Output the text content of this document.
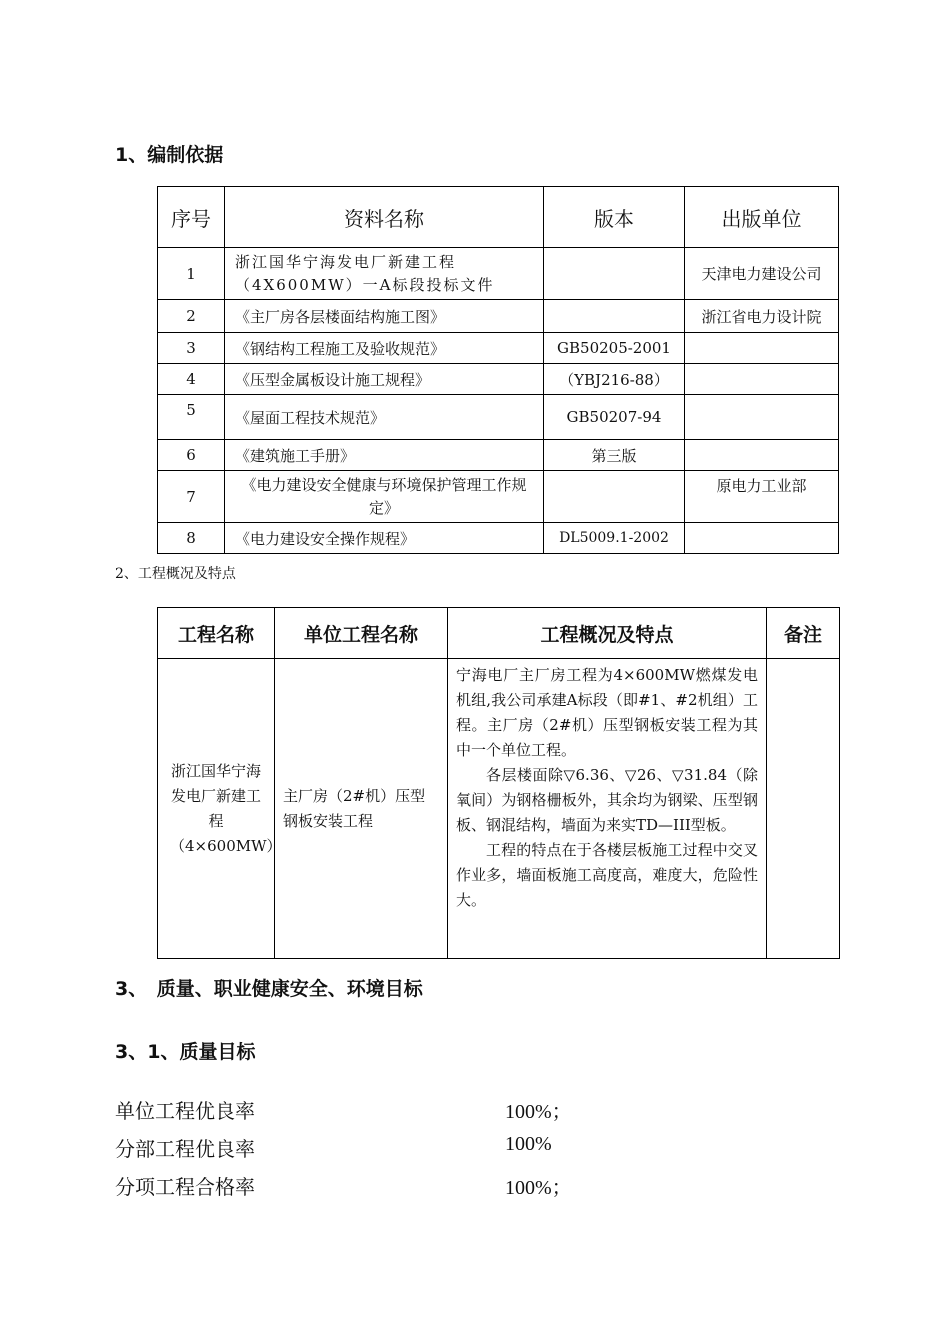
1、编制依据
序号	资料名称	版本	出版单位
1	浙江国华宁海发电厂新建工程 （4X600MW）一A标段投标文件		天津电力建设公司
2	《主厂房各层楼面结构施工图》		浙江省电力设计院
3	《钢结构工程施工及验收规范》	GB50205-2001	
4	《压型金属板设计施工规程》	（YBJ216-88）	
5	《屋面工程技术规范》	GB50207-94	
6	《建筑施工手册》	第三版	
7	《电力建设安全健康与环境保护管理工作规定》		原电力工业部
8	《电力建设安全操作规程》	DL5009.1-2002	
2、工程概况及特点
工程名称	单位工程名称	工程概况及特点	备注
浙江国华宁海发电厂新建工程（4×600MW）	主厂房（2#机）压型钢板安装工程	宁海电厂主厂房工程为4×600MW燃煤发电机组,我公司承建A标段（即#1、#2机组）工程。主厂房（2#机）压型钢板安装工程为其中一个单位工程。

各层楼面除▽6.36、▽26、▽31.84（除氧间）为钢格栅板外，其余均为钢梁、压型钢板、钢混结构，墙面为来实TD—III型板。

工程的特点在于各楼层板施工过程中交叉作业多，墙面板施工高度高，难度大，危险性大。	

3、　质量、职业健康安全、环境目标
3、1、质量目标
单位工程优良率	100%；
分部工程优良率	100%
分项工程合格率	100%；
